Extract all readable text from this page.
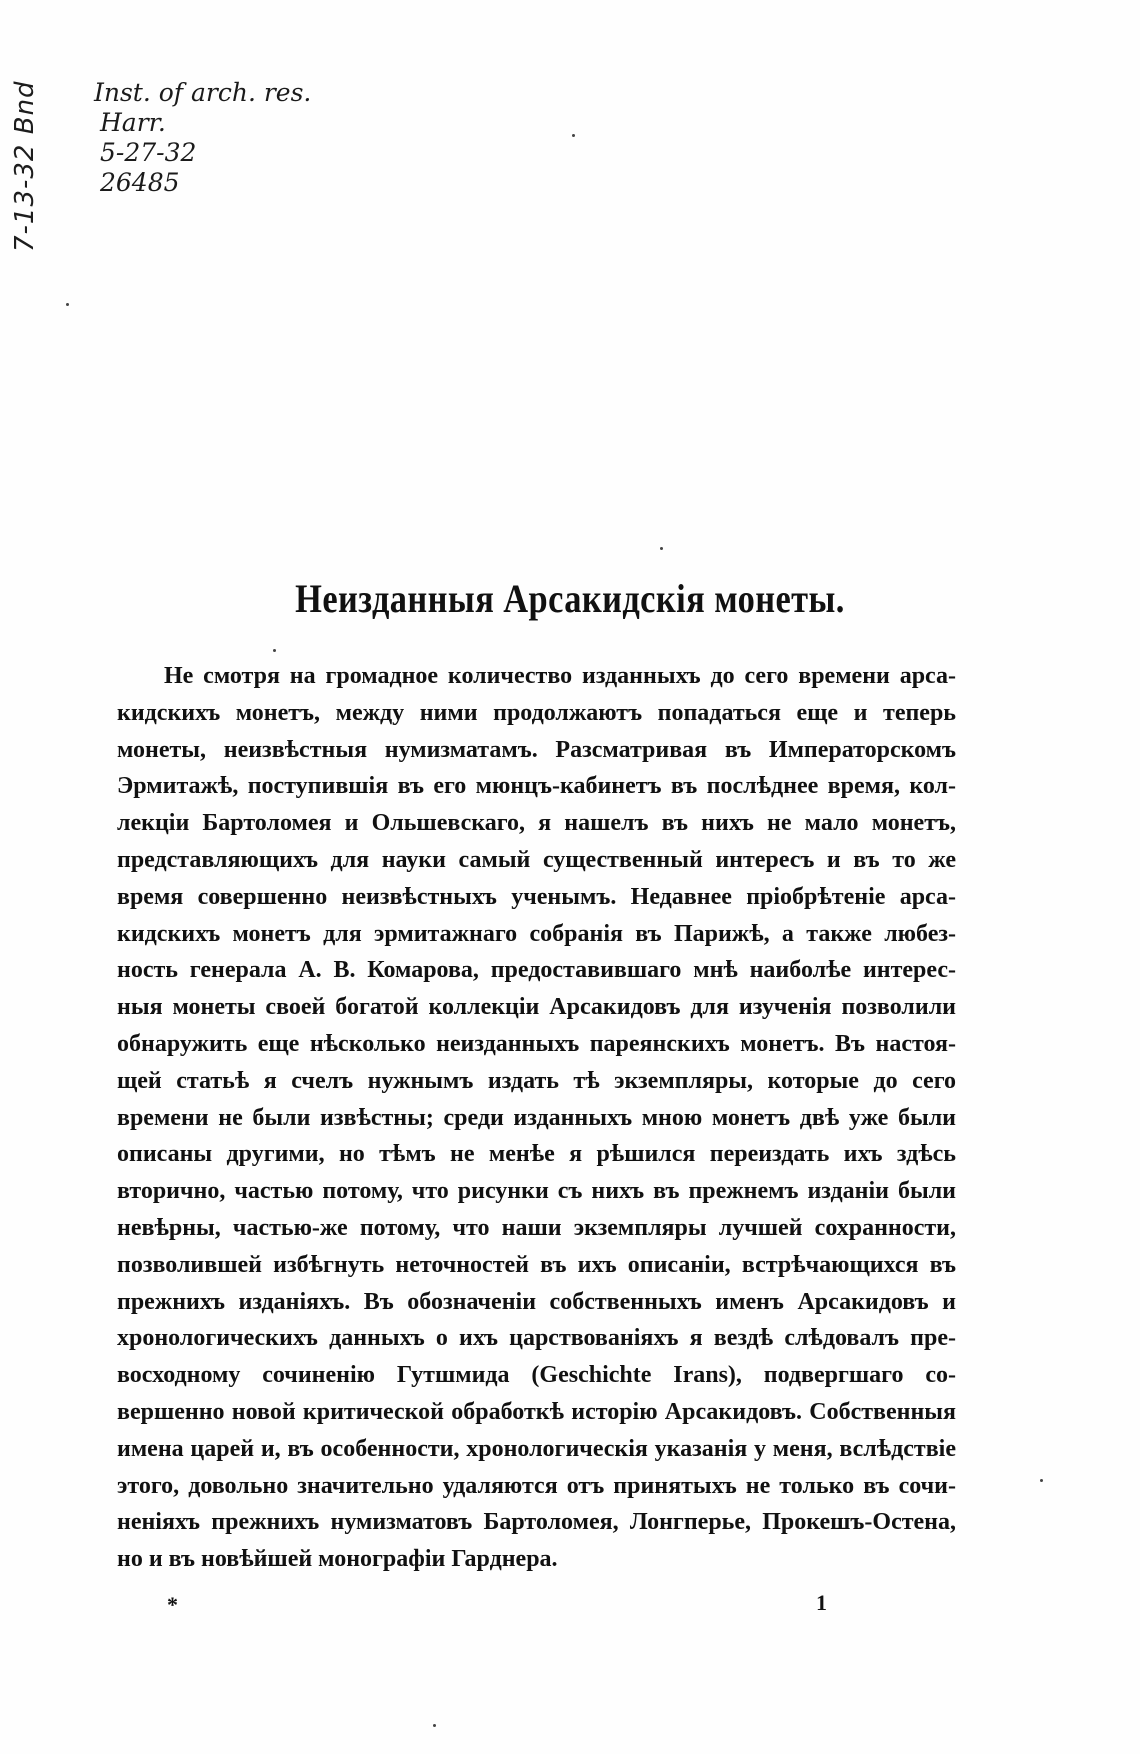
7-13-32 Bnd	Inst. of arch. res.
Harr.
5-27-32
26485
Неизданныя Арсакидскія монеты.
Не смотря на громадное количество изданныхъ до сего времени арса-
кидскихъ монетъ, между ними продолжаютъ попадаться еще и теперь
монеты, неизвѣстныя нумизматамъ. Разсматривая въ Императорскомъ
Эрмитажѣ, поступившія въ его мюнцъ-кабинетъ въ послѣднее время, кол-
лекціи Бартоломея и Ольшевскаго, я нашелъ въ нихъ не мало монетъ,
представляющихъ для науки самый существенный интересъ и въ то же
время совершенно неизвѣстныхъ ученымъ. Недавнее пріобрѣтеніе арса-
кидскихъ монетъ для эрмитажнаго собранія въ Парижѣ, а также любез-
ность генерала А. В. Комарова, предоставившаго мнѣ наиболѣе интерес-
ныя монеты своей богатой коллекціи Арсакидовъ для изученія позволили
обнаружить еще нѣсколько неизданныхъ пареянскихъ монетъ. Въ настоя-
щей статьѣ я счелъ нужнымъ издать тѣ экземпляры, которые до сего
времени не были извѣстны; среди изданныхъ мною монетъ двѣ уже были
описаны другими, но тѣмъ не менѣе я рѣшился переиздать ихъ здѣсь
вторично, частью потому, что рисунки съ нихъ въ прежнемъ изданіи были
невѣрны, частью-же потому, что наши экземпляры лучшей сохранности,
позволившей избѣгнуть неточностей въ ихъ описаніи, встрѣчающихся въ
прежнихъ изданіяхъ. Въ обозначеніи собственныхъ именъ Арсакидовъ и
хронологическихъ данныхъ о ихъ царствованіяхъ я вездѣ слѣдовалъ пре-
восходному сочиненію Гутшмида (Geschichte Irans), подвергшаго со-
вершенно новой критической обработкѣ исторію Арсакидовъ. Собственныя
имена царей и, въ особенности, хронологическія указанія у меня, вслѣдствіе
этого, довольно значительно удаляются отъ принятыхъ не только въ сочи-
неніяхъ прежнихъ нумизматовъ Бартоломея, Лонгперье, Прокешъ-Остена,
но и въ новѣйшей монографіи Гарднера.
*	1
